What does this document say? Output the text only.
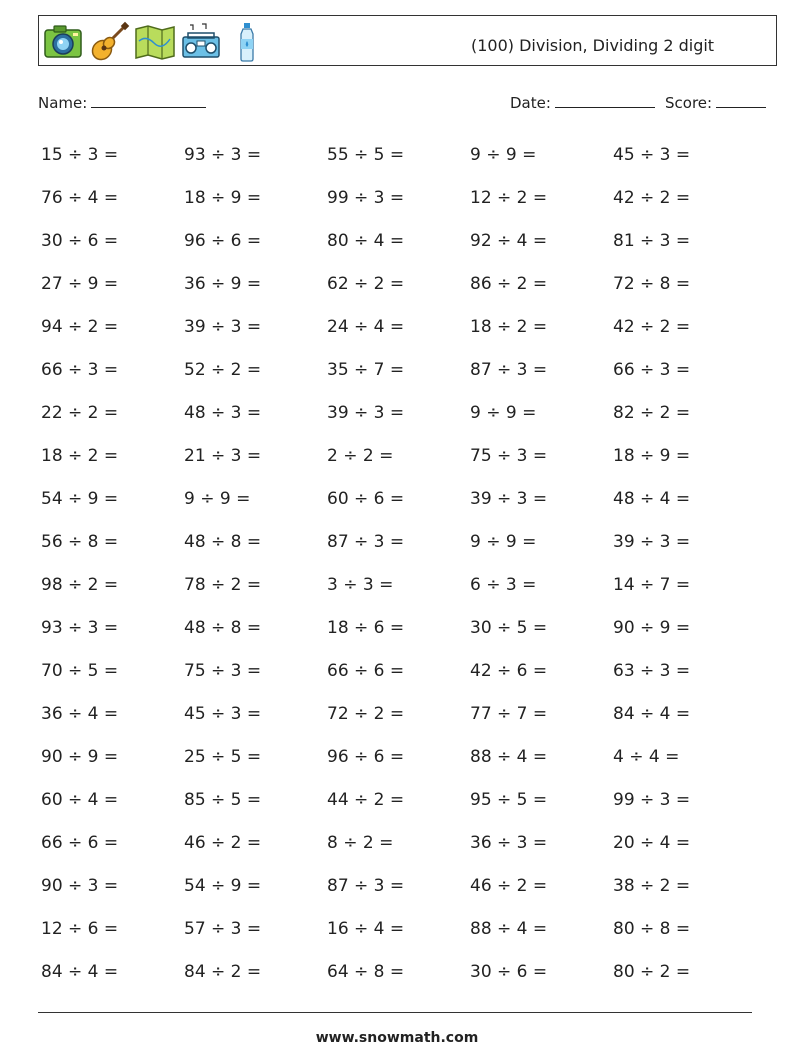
(100) Division, Dividing 2 digit
Name:	Date:	Score:
15 ÷ 3 =	93 ÷ 3 =	55 ÷ 5 =	9 ÷ 9 =	45 ÷ 3 =
76 ÷ 4 =	18 ÷ 9 =	99 ÷ 3 =	12 ÷ 2 =	42 ÷ 2 =
30 ÷ 6 =	96 ÷ 6 =	80 ÷ 4 =	92 ÷ 4 =	81 ÷ 3 =
27 ÷ 9 =	36 ÷ 9 =	62 ÷ 2 =	86 ÷ 2 =	72 ÷ 8 =
94 ÷ 2 =	39 ÷ 3 =	24 ÷ 4 =	18 ÷ 2 =	42 ÷ 2 =
66 ÷ 3 =	52 ÷ 2 =	35 ÷ 7 =	87 ÷ 3 =	66 ÷ 3 =
22 ÷ 2 =	48 ÷ 3 =	39 ÷ 3 =	9 ÷ 9 =	82 ÷ 2 =
18 ÷ 2 =	21 ÷ 3 =	2 ÷ 2 =	75 ÷ 3 =	18 ÷ 9 =
54 ÷ 9 =	9 ÷ 9 =	60 ÷ 6 =	39 ÷ 3 =	48 ÷ 4 =
56 ÷ 8 =	48 ÷ 8 =	87 ÷ 3 =	9 ÷ 9 =	39 ÷ 3 =
98 ÷ 2 =	78 ÷ 2 =	3 ÷ 3 =	6 ÷ 3 =	14 ÷ 7 =
93 ÷ 3 =	48 ÷ 8 =	18 ÷ 6 =	30 ÷ 5 =	90 ÷ 9 =
70 ÷ 5 =	75 ÷ 3 =	66 ÷ 6 =	42 ÷ 6 =	63 ÷ 3 =
36 ÷ 4 =	45 ÷ 3 =	72 ÷ 2 =	77 ÷ 7 =	84 ÷ 4 =
90 ÷ 9 =	25 ÷ 5 =	96 ÷ 6 =	88 ÷ 4 =	4 ÷ 4 =
60 ÷ 4 =	85 ÷ 5 =	44 ÷ 2 =	95 ÷ 5 =	99 ÷ 3 =
66 ÷ 6 =	46 ÷ 2 =	8 ÷ 2 =	36 ÷ 3 =	20 ÷ 4 =
90 ÷ 3 =	54 ÷ 9 =	87 ÷ 3 =	46 ÷ 2 =	38 ÷ 2 =
12 ÷ 6 =	57 ÷ 3 =	16 ÷ 4 =	88 ÷ 4 =	80 ÷ 8 =
84 ÷ 4 =	84 ÷ 2 =	64 ÷ 8 =	30 ÷ 6 =	80 ÷ 2 =
www.snowmath.com
